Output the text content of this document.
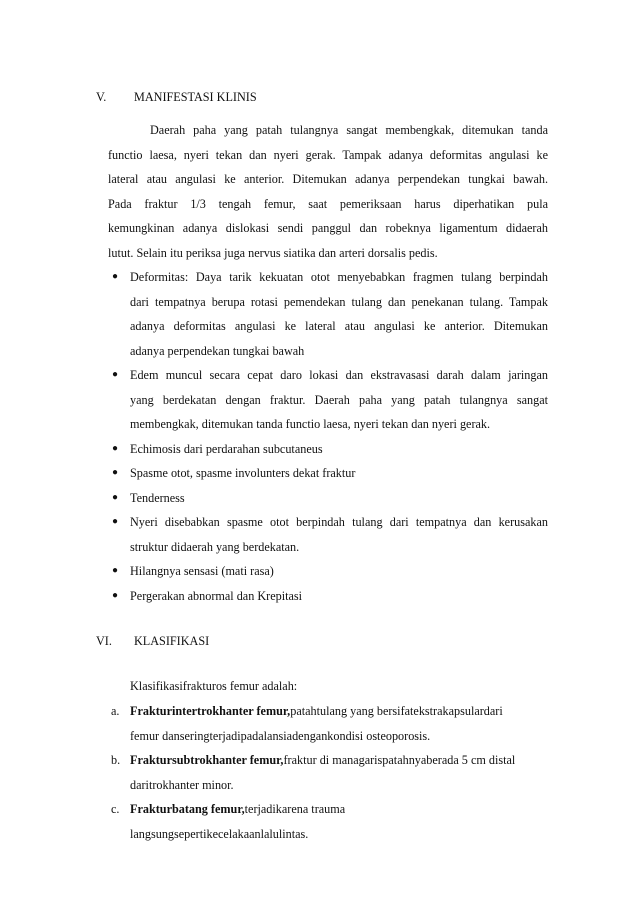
V. MANIFESTASI KLINIS
Daerah paha yang patah tulangnya sangat membengkak, ditemukan tanda
functio laesa, nyeri tekan dan nyeri gerak. Tampak adanya deformitas angulasi ke
lateral atau angulasi ke anterior. Ditemukan adanya perpendekan tungkai bawah.
Pada fraktur 1/3 tengah femur, saat pemeriksaan harus diperhatikan pula
kemungkinan adanya dislokasi sendi panggul dan robeknya ligamentum didaerah
lutut. Selain itu periksa juga nervus siatika dan arteri dorsalis pedis.
● Deformitas: Daya tarik kekuatan otot menyebabkan fragmen tulang berpindah
dari tempatnya berupa rotasi pemendekan tulang dan penekanan tulang. Tampak
adanya deformitas angulasi ke lateral atau angulasi ke anterior. Ditemukan
adanya perpendekan tungkai bawah
● Edem muncul secara cepat daro lokasi dan ekstravasasi darah dalam jaringan
yang berdekatan dengan fraktur. Daerah paha yang patah tulangnya sangat
membengkak, ditemukan tanda functio laesa, nyeri tekan dan nyeri gerak.
● Echimosis dari perdarahan subcutaneus
● Spasme otot, spasme involunters dekat fraktur
● Tenderness
● Nyeri disebabkan spasme otot berpindah tulang dari tempatnya dan kerusakan
struktur didaerah yang berdekatan.
● Hilangnya sensasi (mati rasa)
● Pergerakan abnormal dan Krepitasi
VI. KLASIFIKASI
Klasifikasifrakturos femur adalah:
a. Frakturintertrokhanter femur,patahtulang yang bersifatekstrakapsulardari
femur danseringterjadipadalansiadengankondisi osteoporosis.
b. Fraktursubtrokhanter femur,fraktur di managarispatahnyaberada 5 cm distal
daritrokhanter minor.
c. Frakturbatang femur,terjadikarena trauma
langsungsepertikecelakaanlalulintas.
